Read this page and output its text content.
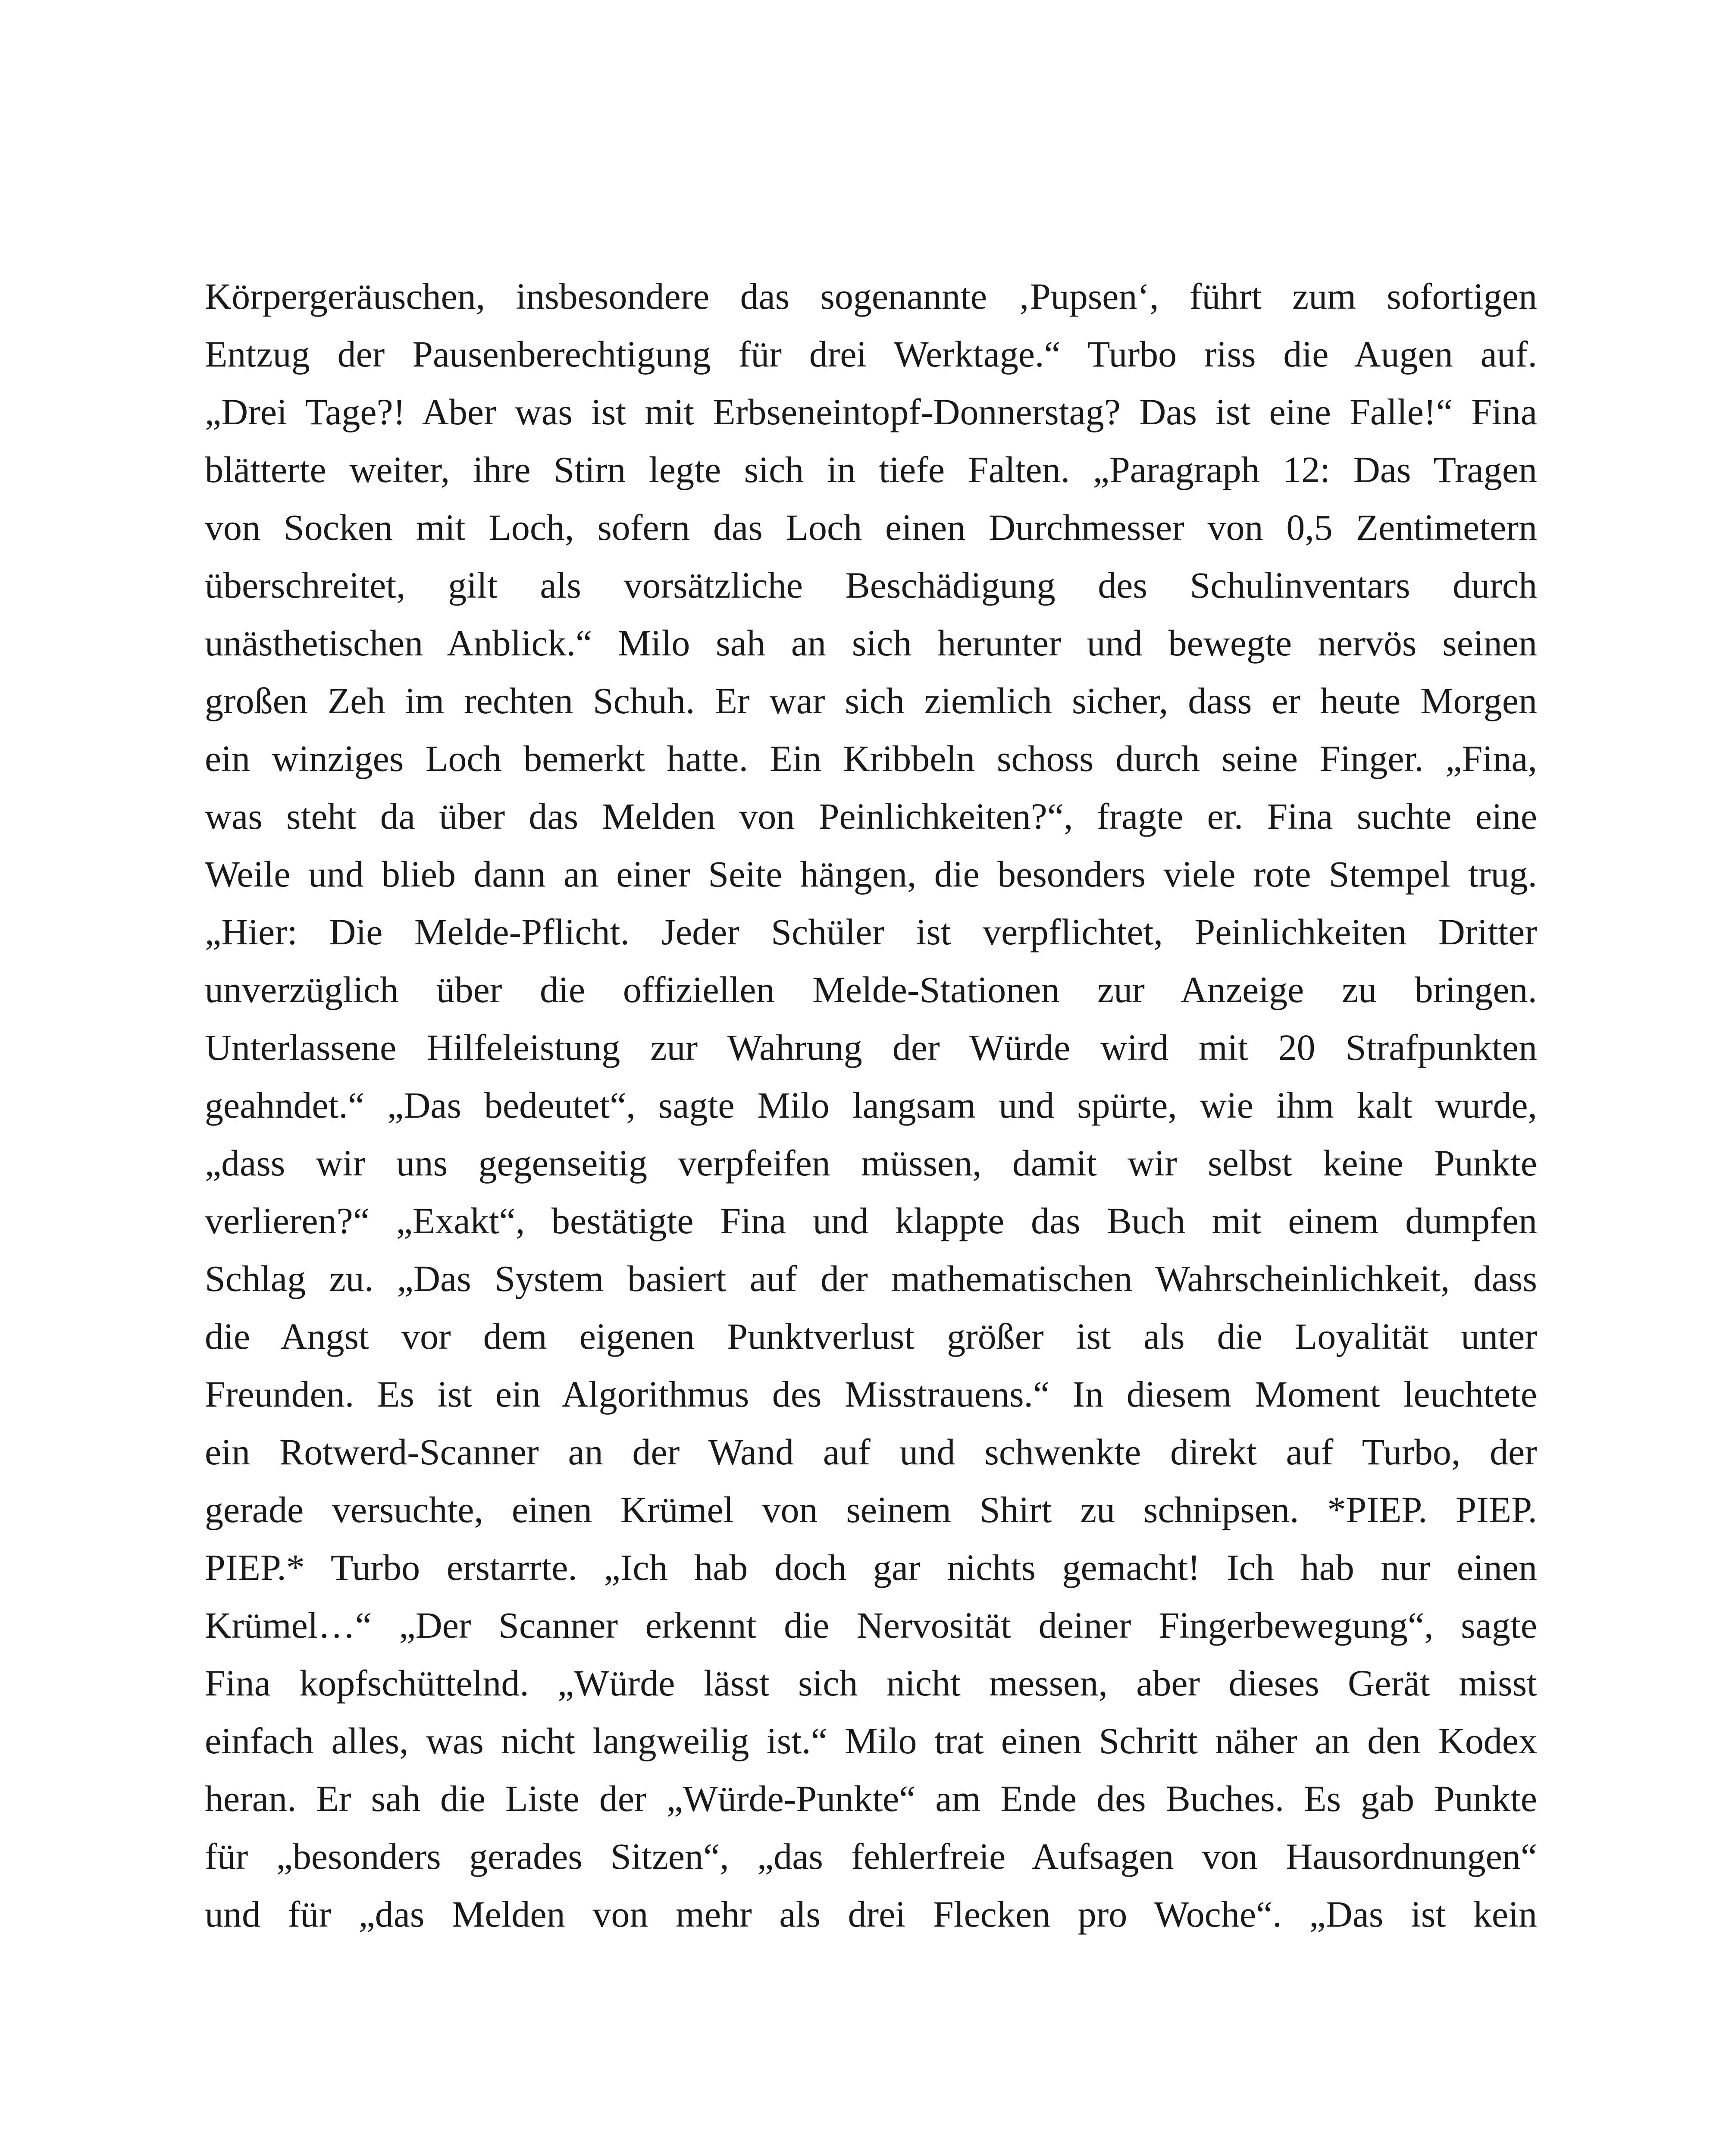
Körpergeräuschen, insbesondere das sogenannte ‚Pupsen‘, führt zum sofortigen
Entzug der Pausenberechtigung für drei Werktage.“ Turbo riss die Augen auf.
„Drei Tage?! Aber was ist mit Erbseneintopf-Donnerstag? Das ist eine Falle!“ Fina
blätterte weiter, ihre Stirn legte sich in tiefe Falten. „Paragraph 12: Das Tragen
von Socken mit Loch, sofern das Loch einen Durchmesser von 0,5 Zentimetern
überschreitet, gilt als vorsätzliche Beschädigung des Schulinventars durch
unästhetischen Anblick.“ Milo sah an sich herunter und bewegte nervös seinen
großen Zeh im rechten Schuh. Er war sich ziemlich sicher, dass er heute Morgen
ein winziges Loch bemerkt hatte. Ein Kribbeln schoss durch seine Finger. „Fina,
was steht da über das Melden von Peinlichkeiten?“, fragte er. Fina suchte eine
Weile und blieb dann an einer Seite hängen, die besonders viele rote Stempel trug.
„Hier: Die Melde-Pflicht. Jeder Schüler ist verpflichtet, Peinlichkeiten Dritter
unverzüglich über die offiziellen Melde-Stationen zur Anzeige zu bringen.
Unterlassene Hilfeleistung zur Wahrung der Würde wird mit 20 Strafpunkten
geahndet.“ „Das bedeutet“, sagte Milo langsam und spürte, wie ihm kalt wurde,
„dass wir uns gegenseitig verpfeifen müssen, damit wir selbst keine Punkte
verlieren?“ „Exakt“, bestätigte Fina und klappte das Buch mit einem dumpfen
Schlag zu. „Das System basiert auf der mathematischen Wahrscheinlichkeit, dass
die Angst vor dem eigenen Punktverlust größer ist als die Loyalität unter
Freunden. Es ist ein Algorithmus des Misstrauens.“ In diesem Moment leuchtete
ein Rotwerd-Scanner an der Wand auf und schwenkte direkt auf Turbo, der
gerade versuchte, einen Krümel von seinem Shirt zu schnipsen. *PIEP. PIEP.
PIEP.* Turbo erstarrte. „Ich hab doch gar nichts gemacht! Ich hab nur einen
Krümel…“ „Der Scanner erkennt die Nervosität deiner Fingerbewegung“, sagte
Fina kopfschüttelnd. „Würde lässt sich nicht messen, aber dieses Gerät misst
einfach alles, was nicht langweilig ist.“ Milo trat einen Schritt näher an den Kodex
heran. Er sah die Liste der „Würde-Punkte“ am Ende des Buches. Es gab Punkte
für „besonders gerades Sitzen“, „das fehlerfreie Aufsagen von Hausordnungen“
und für „das Melden von mehr als drei Flecken pro Woche“. „Das ist kein
